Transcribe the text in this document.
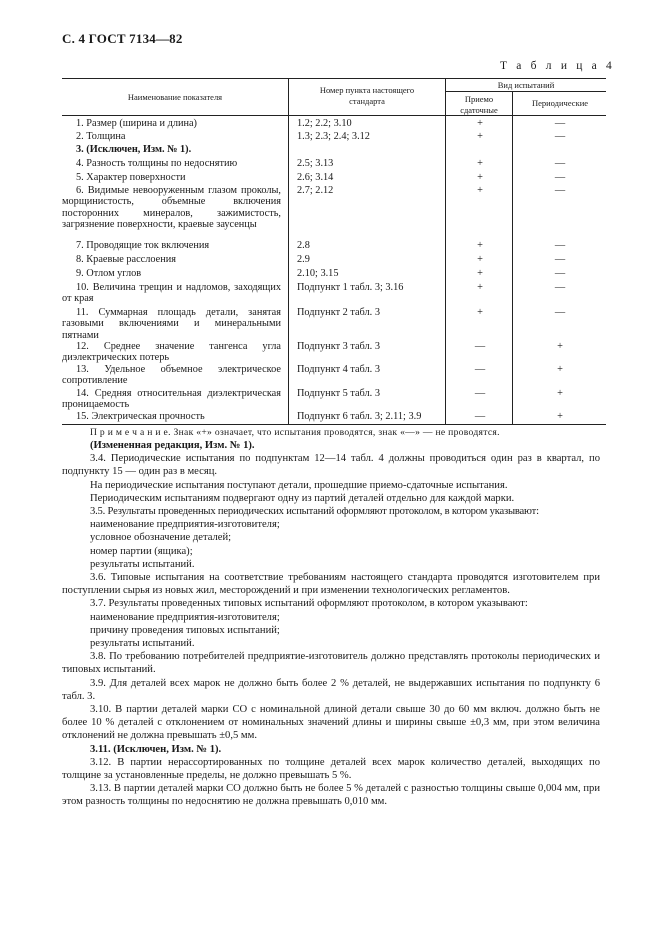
С. 4 ГОСТ 7134—82
Т а б л и ц а 4
Наименование показателя
Номер пункта настоящего стандарта
Вид испытаний
Приемо сдаточные
Периодические
1. Размер (ширина и длина)	1.2; 2.2; 3.10	+	—
2. Толщина	1.3; 2.3; 2.4; 3.12	+	—
3. (Исключен, Изм. № 1).
4. Разность толщины по недоснятию	2.5; 3.13	+	—
5. Характер поверхности	2.6; 3.14	+	—
6. Видимые невооруженным глазом проколы, морщинистость, объемные включения посторонних минералов, зажимистость, загрязнение поверхности, краевые заусенцы
2.7; 2.12	+	—
7. Проводящие ток включения	2.8	+	—
8. Краевые расслоения	2.9	+	—
9. Отлом углов	2.10; 3.15	+	—
10. Величина трещин и надломов, заходящих от края
Подпункт 1 табл. 3; 3.16	+	—
11. Суммарная площадь детали, занятая газовыми включениями и минеральными пятнами
Подпункт 2 табл. 3	+	—
12. Среднее значение тангенса угла диэлектрических потерь
Подпункт 3 табл. 3	—	+
13. Удельное объемное электрическое сопротивление
Подпункт 4 табл. 3	—	+
14. Средняя относительная диэлектрическая проницаемость
Подпункт 5 табл. 3	—	+
15. Электрическая прочность	Подпункт 6 табл. 3; 2.11; 3.9	—	+

П р и м е ч а н и е. Знак «+» означает, что испытания проводятся, знак «—» — не проводятся.

(Измененная редакция, Изм. № 1).

3.4. Периодические испытания по подпунктам 12—14 табл. 4 должны проводиться один раз в квартал, по подпункту 15 — один раз в месяц.

На периодические испытания поступают детали, прошедшие приемо-сдаточные испытания.

Периодическим испытаниям подвергают одну из партий деталей отдельно для каждой марки.

3.5. Результаты проведенных периодических испытаний оформляют протоколом, в котором указывают:

наименование предприятия-изготовителя;

условное обозначение деталей;

номер партии (ящика);

результаты испытаний.

3.6. Типовые испытания на соответствие требованиям настоящего стандарта проводятся изготовителем при поступлении сырья из новых жил, месторождений и при изменении технологических регламентов.

3.7. Результаты проведенных типовых испытаний оформляют протоколом, в котором указывают:

наименование предприятия-изготовителя;

причину проведения типовых испытаний;

результаты испытаний.

3.8. По требованию потребителей предприятие-изготовитель должно представлять протоколы периодических и типовых испытаний.

3.9. Для деталей всех марок не должно быть более 2 % деталей, не выдержавших испытания по подпункту 6 табл. 3.

3.10. В партии деталей марки СО с номинальной длиной детали свыше 30 до 60 мм включ. должно быть не более 10 % деталей с отклонением от номинальных значений длины и ширины свыше ±0,3 мм, при этом величина отклонений не должна превышать ±0,5 мм.

3.11. (Исключен, Изм. № 1).

3.12. В партии нерассортированных по толщине деталей всех марок количество деталей, выходящих по толщине за установленные пределы, не должно превышать 5 %.

3.13. В партии деталей марки СО должно быть не более 5 % деталей с разностью толщины свыше 0,004 мм, при этом разность толщины по недоснятию не должна превышать 0,010 мм.
